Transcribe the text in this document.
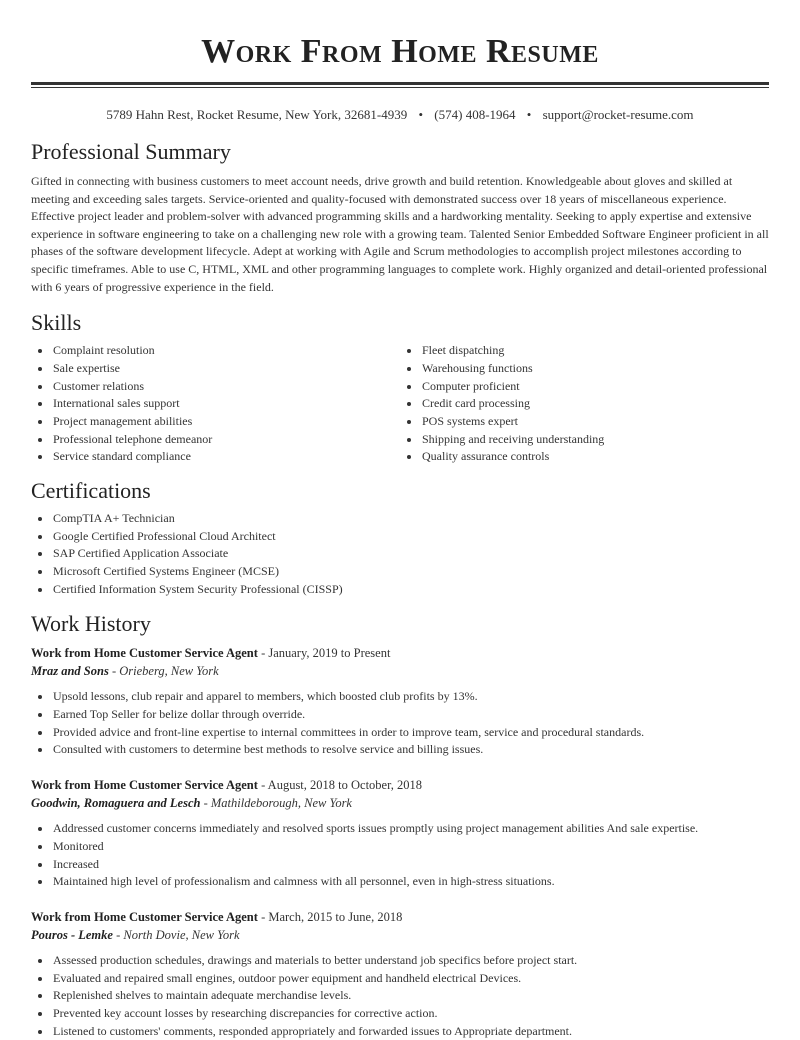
Work From Home Resume
5789 Hahn Rest, Rocket Resume, New York, 32681-4939 • (574) 408-1964 • support@rocket-resume.com
Professional Summary

Gifted in connecting with business customers to meet account needs, drive growth and build retention. Knowledgeable about gloves and skilled at meeting and exceeding sales targets. Service-oriented and quality-focused with demonstrated success over 18 years of miscellaneous experience. Effective project leader and problem-solver with advanced programming skills and a hardworking mentality. Seeking to apply expertise and extensive experience in software engineering to take on a challenging new role with a growing team. Talented Senior Embedded Software Engineer proficient in all phases of the software development lifecycle. Adept at working with Agile and Scrum methodologies to accomplish project milestones according to specific timeframes. Able to use C, HTML, XML and other programming languages to complete work. Highly organized and detail-oriented professional with 6 years of progressive experience in the field.

Skills
Complaint resolution
Sale expertise
Customer relations
International sales support
Project management abilities
Professional telephone demeanor
Service standard compliance
Fleet dispatching
Warehousing functions
Computer proficient
Credit card processing
POS systems expert
Shipping and receiving understanding
Quality assurance controls
Certifications
CompTIA A+ Technician
Google Certified Professional Cloud Architect
SAP Certified Application Associate
Microsoft Certified Systems Engineer (MCSE)
Certified Information System Security Professional (CISSP)
Work History
Work from Home Customer Service Agent - January, 2019 to Present
Mraz and Sons - Orieberg, New York
Upsold lessons, club repair and apparel to members, which boosted club profits by 13%.
Earned Top Seller for belize dollar through override.
Provided advice and front-line expertise to internal committees in order to improve team, service and procedural standards.
Consulted with customers to determine best methods to resolve service and billing issues.
Work from Home Customer Service Agent - August, 2018 to October, 2018
Goodwin, Romaguera and Lesch - Mathildeborough, New York
Addressed customer concerns immediately and resolved sports issues promptly using project management abilities And sale expertise.
Monitored
Increased
Maintained high level of professionalism and calmness with all personnel, even in high-stress situations.
Work from Home Customer Service Agent - March, 2015 to June, 2018
Pouros - Lemke - North Dovie, New York
Assessed production schedules, drawings and materials to better understand job specifics before project start.
Evaluated and repaired small engines, outdoor power equipment and handheld electrical Devices.
Replenished shelves to maintain adequate merchandise levels.
Prevented key account losses by researching discrepancies for corrective action.
Listened to customers' comments, responded appropriately and forwarded issues to Appropriate department.
